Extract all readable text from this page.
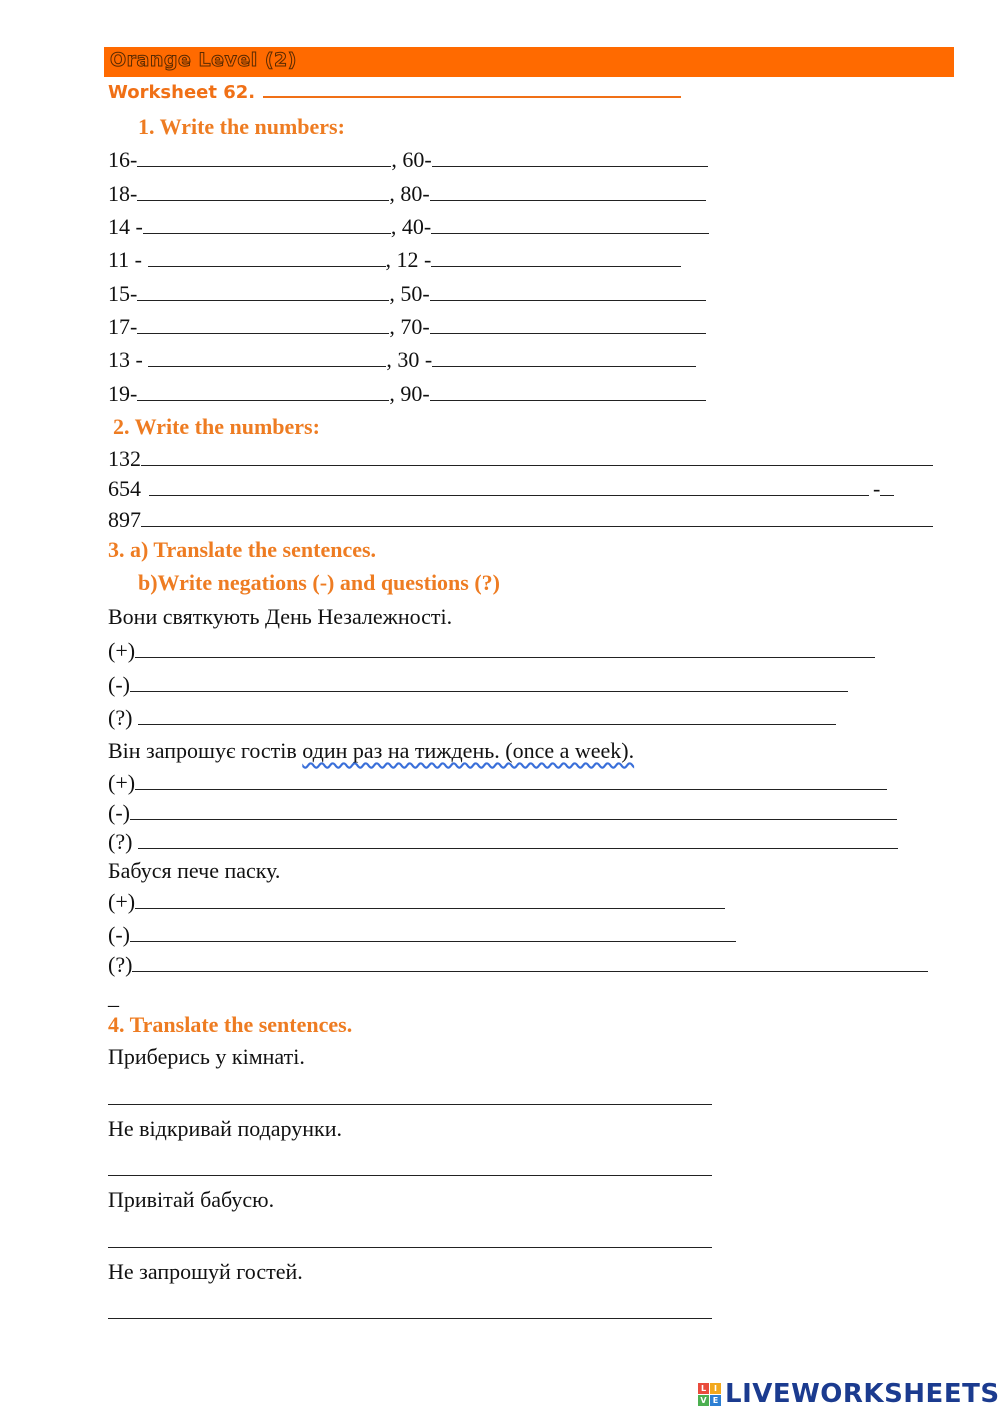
Orange Level (2)
Worksheet 62.
1. Write the numbers:
16-	, 60-
18-	, 80-
14 -	, 40-
11 -	, 12 -
15-	, 50-
17-	, 70-
13 -	, 30 -
19-	, 90-
2. Write the numbers:
132
654	-
897
3. a) Translate the sentences.
b)Write negations (-) and questions (?)
Вони святкують День Незалежності.
(+)
(-)
(?)
Він запрошує гостів один раз на тиждень. (once a week).
(+)
(-)
(?)
Бабуся пече паску.
(+)
(-)
(?)
_
4. Translate the sentences.
Приберись у кімнаті.
Не відкривай подарунки.
Привітай бабусю.
Не запрошуй гостей.
L I
V E LIVEWORKSHEETS
